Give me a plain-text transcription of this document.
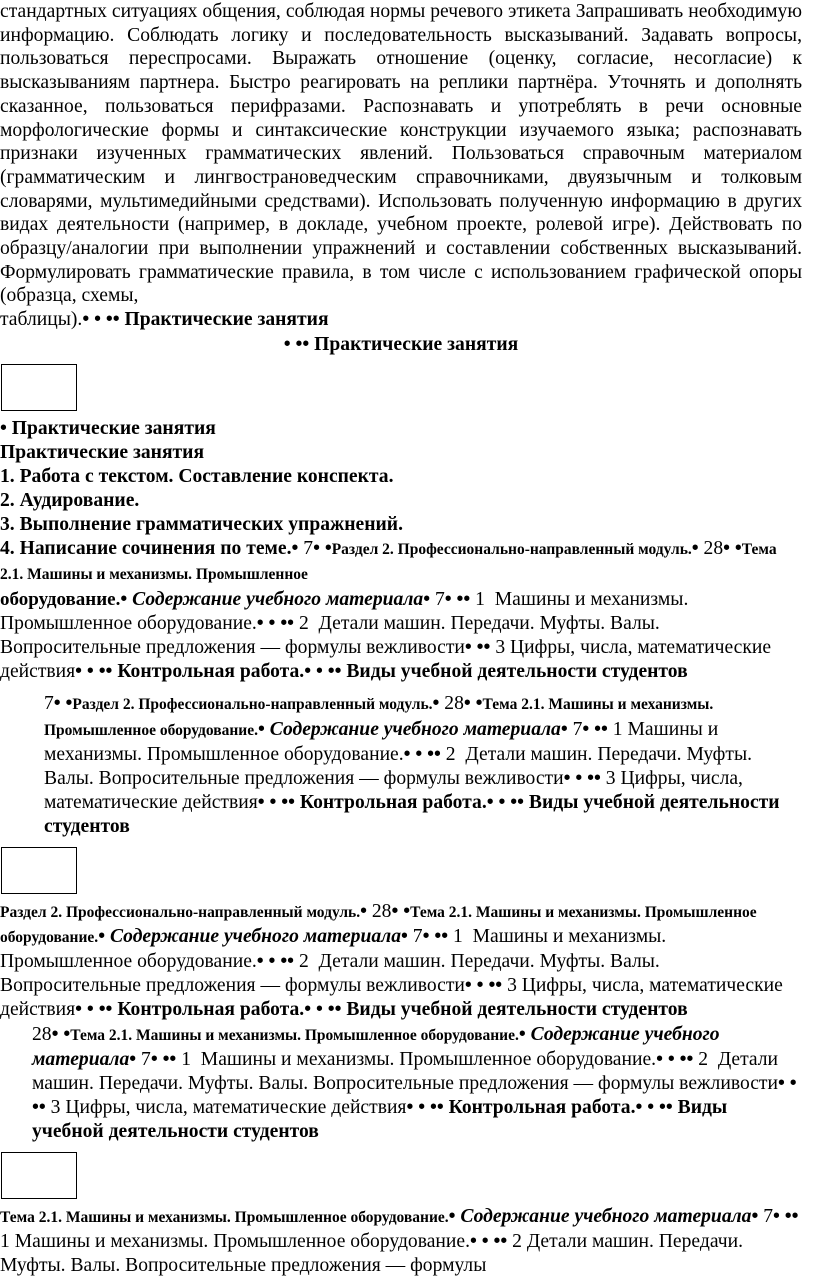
стандартных ситуациях общения, соблюдая нормы речевого этикета Запрашивать необходимую информацию. Соблюдать логику и последовательность высказываний. Задавать вопросы, пользоваться переспросами. Выражать отношение (оценку, согласие, несогласие) к высказываниям партнера. Быстро реагировать на реплики партнёра. Уточнять и дополнять сказанное, пользоваться перифразами. Распознавать и употреблять в речи основные морфологические формы и синтаксические конструкции изучаемого языка; распознавать признаки изученных грамматических явлений. Пользоваться справочным материалом (грамматическим и лингвострановедческим справочниками, двуязычным и толковым словарями, мультимедийными средствами). Использовать полученную информацию в других видах деятельности (например, в докладе, учебном проекте, ролевой игре). Действовать по образцу/аналогии при выполнении упражнений и составлении собственных высказываний. Формулировать грамматические правила, в том числе с использованием графической опоры (образца, схемы,

таблицы).• • •• Практические занятия

• •• Практические занятия

• Практические занятия

Практические занятия

1. Работа с текстом. Составление конспекта.

2. Аудирование.

3. Выполнение грамматических упражнений.

4. Написание сочинения по теме.• 7• •Раздел 2. Профессионально-направленный модуль.• 28• •Тема 2.1. Машины и механизмы. Промышленное
оборудование.• Содержание учебного материала• 7• •• 1 Машины и механизмы. Промышленное оборудование.• • •• 2 Детали машин. Передачи. Муфты. Валы. Вопросительные предложения — формулы вежливости• •• 3 Цифры, числа, математические действия• • •• Контрольная работа.• • •• Виды учебной деятельности студентов
7• •Раздел 2. Профессионально-направленный модуль.• 28• •Тема 2.1. Машины и механизмы. Промышленное оборудование.• Содержание учебного материала• 7• •• 1 Машины и механизмы. Промышленное оборудование.• • •• 2 Детали машин. Передачи. Муфты. Валы. Вопросительные предложения — формулы вежливости• • •• 3 Цифры, числа, математические действия• • •• Контрольная работа.• • •• Виды учебной деятельности студентов
Раздел 2. Профессионально-направленный модуль.• 28• •Тема 2.1. Машины и механизмы. Промышленное оборудование.• Содержание учебного материала• 7• •• 1 Машины и механизмы. Промышленное оборудование.• • •• 2 Детали машин. Передачи. Муфты. Валы. Вопросительные предложения — формулы вежливости• • •• 3 Цифры, числа, математические действия• • •• Контрольная работа.• • •• Виды учебной деятельности студентов
28• •Тема 2.1. Машины и механизмы. Промышленное оборудование.• Содержание учебного материала• 7• •• 1 Машины и механизмы. Промышленное оборудование.• • •• 2 Детали машин. Передачи. Муфты. Валы. Вопросительные предложения — формулы вежливости• • •• 3 Цифры, числа, математические действия• • •• Контрольная работа.• • •• Виды учебной деятельности студентов
Тема 2.1. Машины и механизмы. Промышленное оборудование.• Содержание учебного материала• 7• •• 1 Машины и механизмы. Промышленное оборудование.• • •• 2 Детали машин. Передачи. Муфты. Валы. Вопросительные предложения — формулы
